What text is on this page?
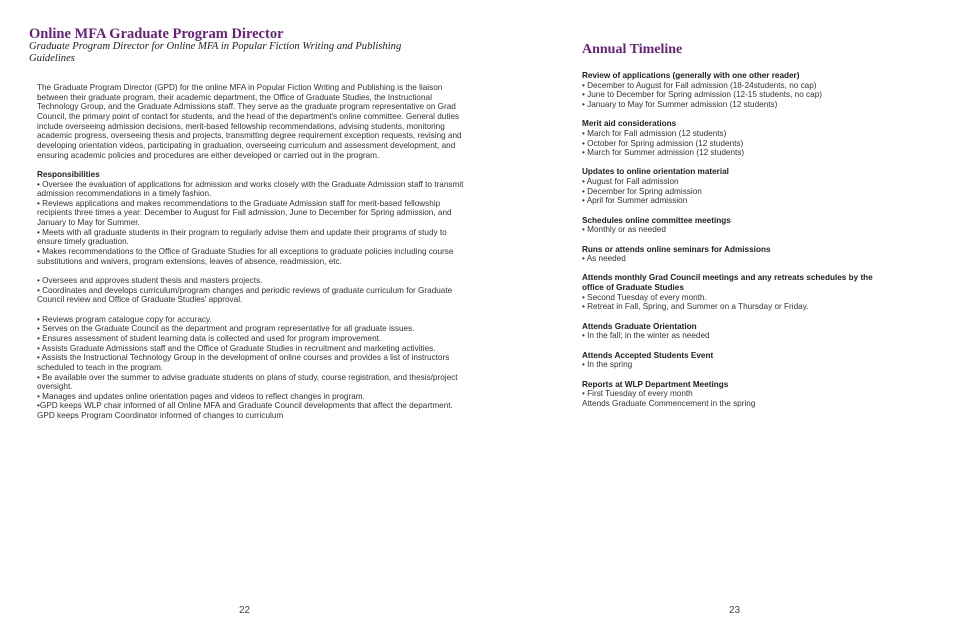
Online MFA Graduate Program Director
Graduate Program Director for Online MFA in Popular Fiction Writing and Publishing Guidelines

The Graduate Program Director (GPD) for the online MFA in Popular Fiction Writing and Publishing is the liaison between their graduate program, their academic department, the Office of Graduate Studies, the Instructional Technology Group, and the Graduate Admissions staff. They serve as the graduate program representative on Grad Council, the primary point of contact for students, and the head of the department's online committee. General duties include overseeing admission decisions, merit-based fellowship recommendations, advising students, monitoring academic progress, overseeing thesis and projects, transmitting degree requirement exception requests, revising and developing orientation videos, participating in graduation, overseeing curriculum and assessment development, and ensuring academic policies and procedures are either developed or carried out in the program.

Responsibilities

• Oversee the evaluation of applications for admission and works closely with the Graduate Admission staff to transmit admission recommendations in a timely fashion.

• Reviews applications and makes recommendations to the Graduate Admission staff for merit-based fellowship recipients three times a year: December to August for Fall admission, June to December for Spring admission, and January to May for Summer.

• Meets with all graduate students in their program to regularly advise them and update their programs of study to ensure timely graduation.

• Makes recommendations to the Office of Graduate Studies for all exceptions to graduate policies including course substitutions and waivers, program extensions, leaves of absence, readmission, etc.

• Oversees and approves student thesis and masters projects.

• Coordinates and develops curriculum/program changes and periodic reviews of graduate curriculum for Graduate Council review and Office of Graduate Studies' approval.

• Reviews program catalogue copy for accuracy.

• Serves on the Graduate Council as the department and program representative for all graduate issues.

• Ensures assessment of student learning data is collected and used for program improvement.

• Assists Graduate Admissions staff and the Office of Graduate Studies in recruitment and marketing activities.

• Assists the Instructional Technology Group in the development of online courses and provides a list of instructors scheduled to teach in the program.

• Be available over the summer to advise graduate students on plans of study, course registration, and thesis/project oversight.

• Manages and updates online orientation pages and videos to reflect changes in program.

•GPD keeps WLP chair informed of all Online MFA and Graduate Council developments that affect the department.

GPD keeps Program Coordinator informed of changes to curriculum

22
Annual Timeline

Review of applications (generally with one other reader)

• December to August for Fall admission (18-24students, no cap)

• June to December for Spring admission (12-15 students, no cap)

• January to May for Summer admission (12 students)

Merit aid considerations

• March for Fall admission (12 students)

• October for Spring admission (12 students)

• March for Summer admission (12 students)

Updates to online orientation material

• August for Fall admission

• December for Spring admission

• April for Summer admission

Schedules online committee meetings

• Monthly or as needed

Runs or attends online seminars for Admissions

• As needed

Attends monthly Grad Council meetings and any retreats schedules by the office of Graduate Studies

• Second Tuesday of every month.

• Retreat in Fall, Spring, and Summer on a Thursday or Friday.

Attends Graduate Orientation

• In the fall; in the winter as needed

Attends Accepted Students Event

• In the spring

Reports at WLP Department Meetings

• First Tuesday of every month

Attends Graduate Commencement in the spring

23
